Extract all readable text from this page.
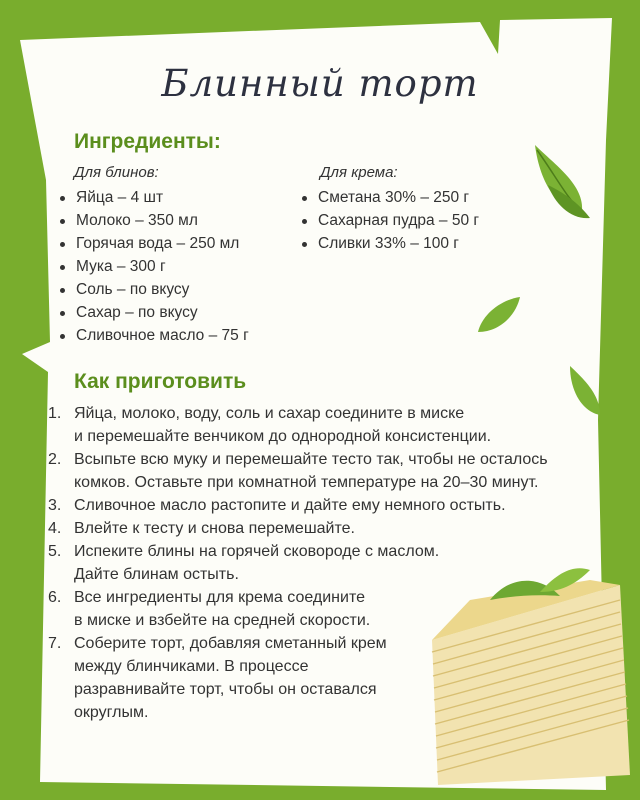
Блинный торт
Ингредиенты:
Для блинов:
Яйца – 4 шт
Молоко – 350 мл
Горячая вода – 250 мл
Мука – 300 г
Соль – по вкусу
Сахар – по вкусу
Сливочное масло – 75 г
Для крема:
Сметана 30% – 250 г
Сахарная пудра – 50 г
Сливки 33% – 100 г
Как приготовить
1. Яйца, молоко, воду, соль и сахар соедините в миске
и перемешайте венчиком до однородной консистенции.
2. Всыпьте всю муку и перемешайте тесто так, чтобы не осталось
комков. Оставьте при комнатной температуре на 20–30 минут.
3. Сливочное масло растопите и дайте ему немного остыть.
4. Влейте к тесту и снова перемешайте.
5. Испеките блины на горячей сковороде с маслом.
Дайте блинам остыть.
6. Все ингредиенты для крема соедините
в миске и взбейте на средней скорости.
7. Соберите торт, добавляя сметанный крем
между блинчиками. В процессе
разравнивайте торт, чтобы он оставался
округлым.
